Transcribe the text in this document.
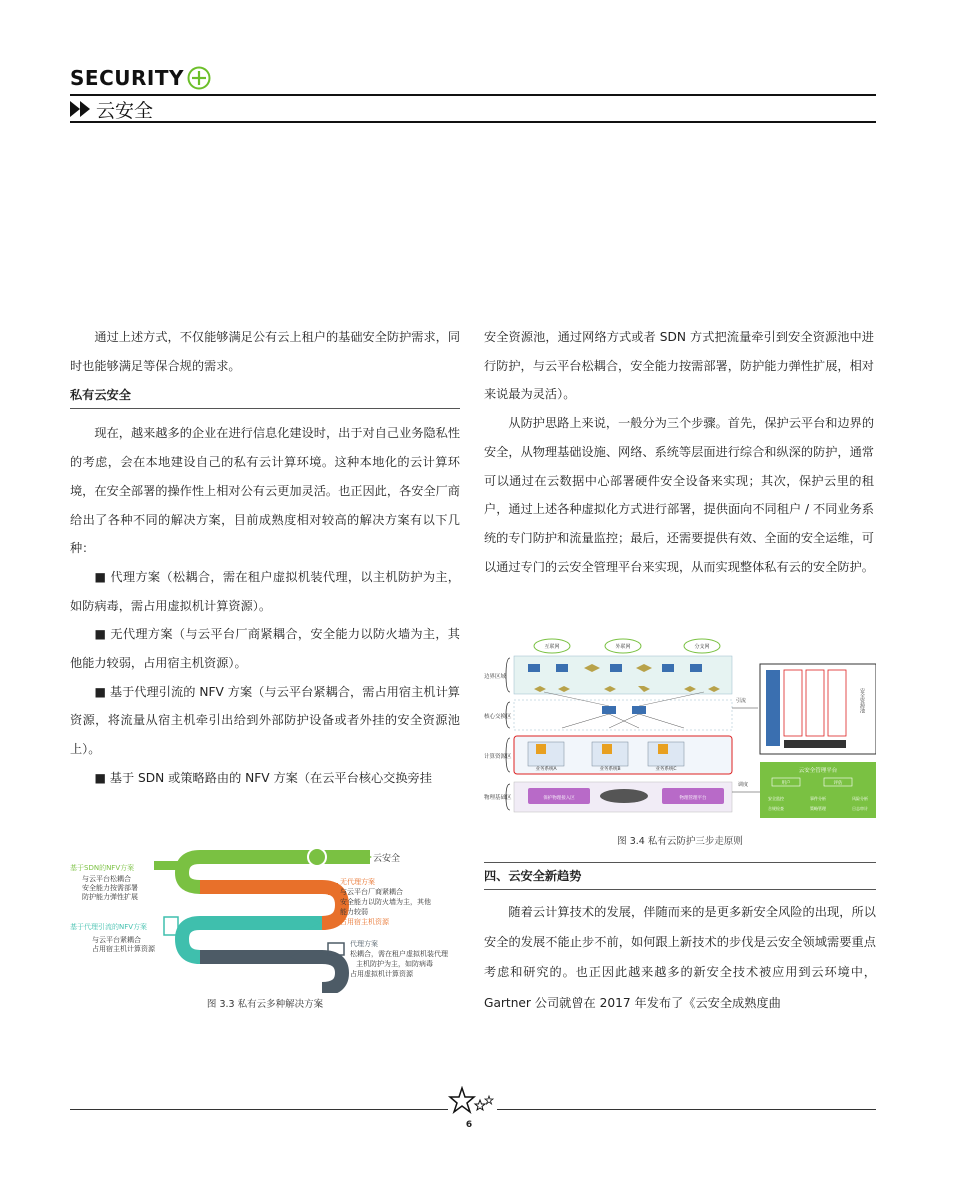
SECURITY
云安全

通过上述方式，不仅能够满足公有云上租户的基础安全防护需求，同时也能够满足等保合规的需求。

私有云安全

现在，越来越多的企业在进行信息化建设时，出于对自己业务隐私性的考虑，会在本地建设自己的私有云计算环境。这种本地化的云计算环境，在安全部署的操作性上相对公有云更加灵活。也正因此，各安全厂商给出了各种不同的解决方案，目前成熟度相对较高的解决方案有以下几种：

■ 代理方案（松耦合，需在租户虚拟机装代理，以主机防护为主，如防病毒，需占用虚拟机计算资源）。

■ 无代理方案（与云平台厂商紧耦合，安全能力以防火墙为主，其他能力较弱，占用宿主机资源）。

■ 基于代理引流的 NFV 方案（与云平台紧耦合，需占用宿主机计算资源，将流量从宿主机牵引出给到外部防护设备或者外挂的安全资源池上）。

■ 基于 SDN 或策略路由的 NFV 方案（在云平台核心交换旁挂

云安全
基于SDN的NFV方案
与云平台松耦合
安全能力按需部署
防护能力弹性扩展
无代理方案
与云平台厂商紧耦合
安全能力以防火墙为主，其他
能力较弱
占用宿主机资源
基于代理引流的NFV方案
与云平台紧耦合
占用宿主机计算资源
代理方案
松耦合，需在租户虚拟机装代理
主机防护为主，如防病毒
占用虚拟机计算资源
图 3.3 私有云多种解决方案

安全资源池，通过网络方式或者 SDN 方式把流量牵引到安全资源池中进行防护，与云平台松耦合，安全能力按需部署，防护能力弹性扩展，相对来说最为灵活）。

从防护思路上来说，一般分为三个步骤。首先，保护云平台和边界的安全，从物理基础设施、网络、系统等层面进行综合和纵深的防护，通常可以通过在云数据中心部署硬件安全设备来实现；其次，保护云里的租户，通过上述各种虚拟化方式进行部署，提供面向不同租户 / 不同业务系统的专门防护和流量监控；最后，还需要提供有效、全面的安全运维，可以通过专门的云安全管理平台来实现，从而实现整体私有云的安全防护。

边界区域
核心交换区
计算资源区
物理基础区
互联网	外联网	分支网
业务系统A	业务系统B	业务系统C
保护物理接入区	物理管理平台
安全资源池
引流
调度
云安全管理平台
用户	评估
安全监控	事件分析	风险分析
合规检查	策略管理	日志审计
图 3.4 私有云防护三步走原则
四、云安全新趋势

随着云计算技术的发展，伴随而来的是更多新安全风险的出现，所以安全的发展不能止步不前，如何跟上新技术的步伐是云安全领域需要重点考虑和研究的。也正因此越来越多的新安全技术被应用到云环境中，Gartner 公司就曾在 2017 年发布了《云安全成熟度曲

6
